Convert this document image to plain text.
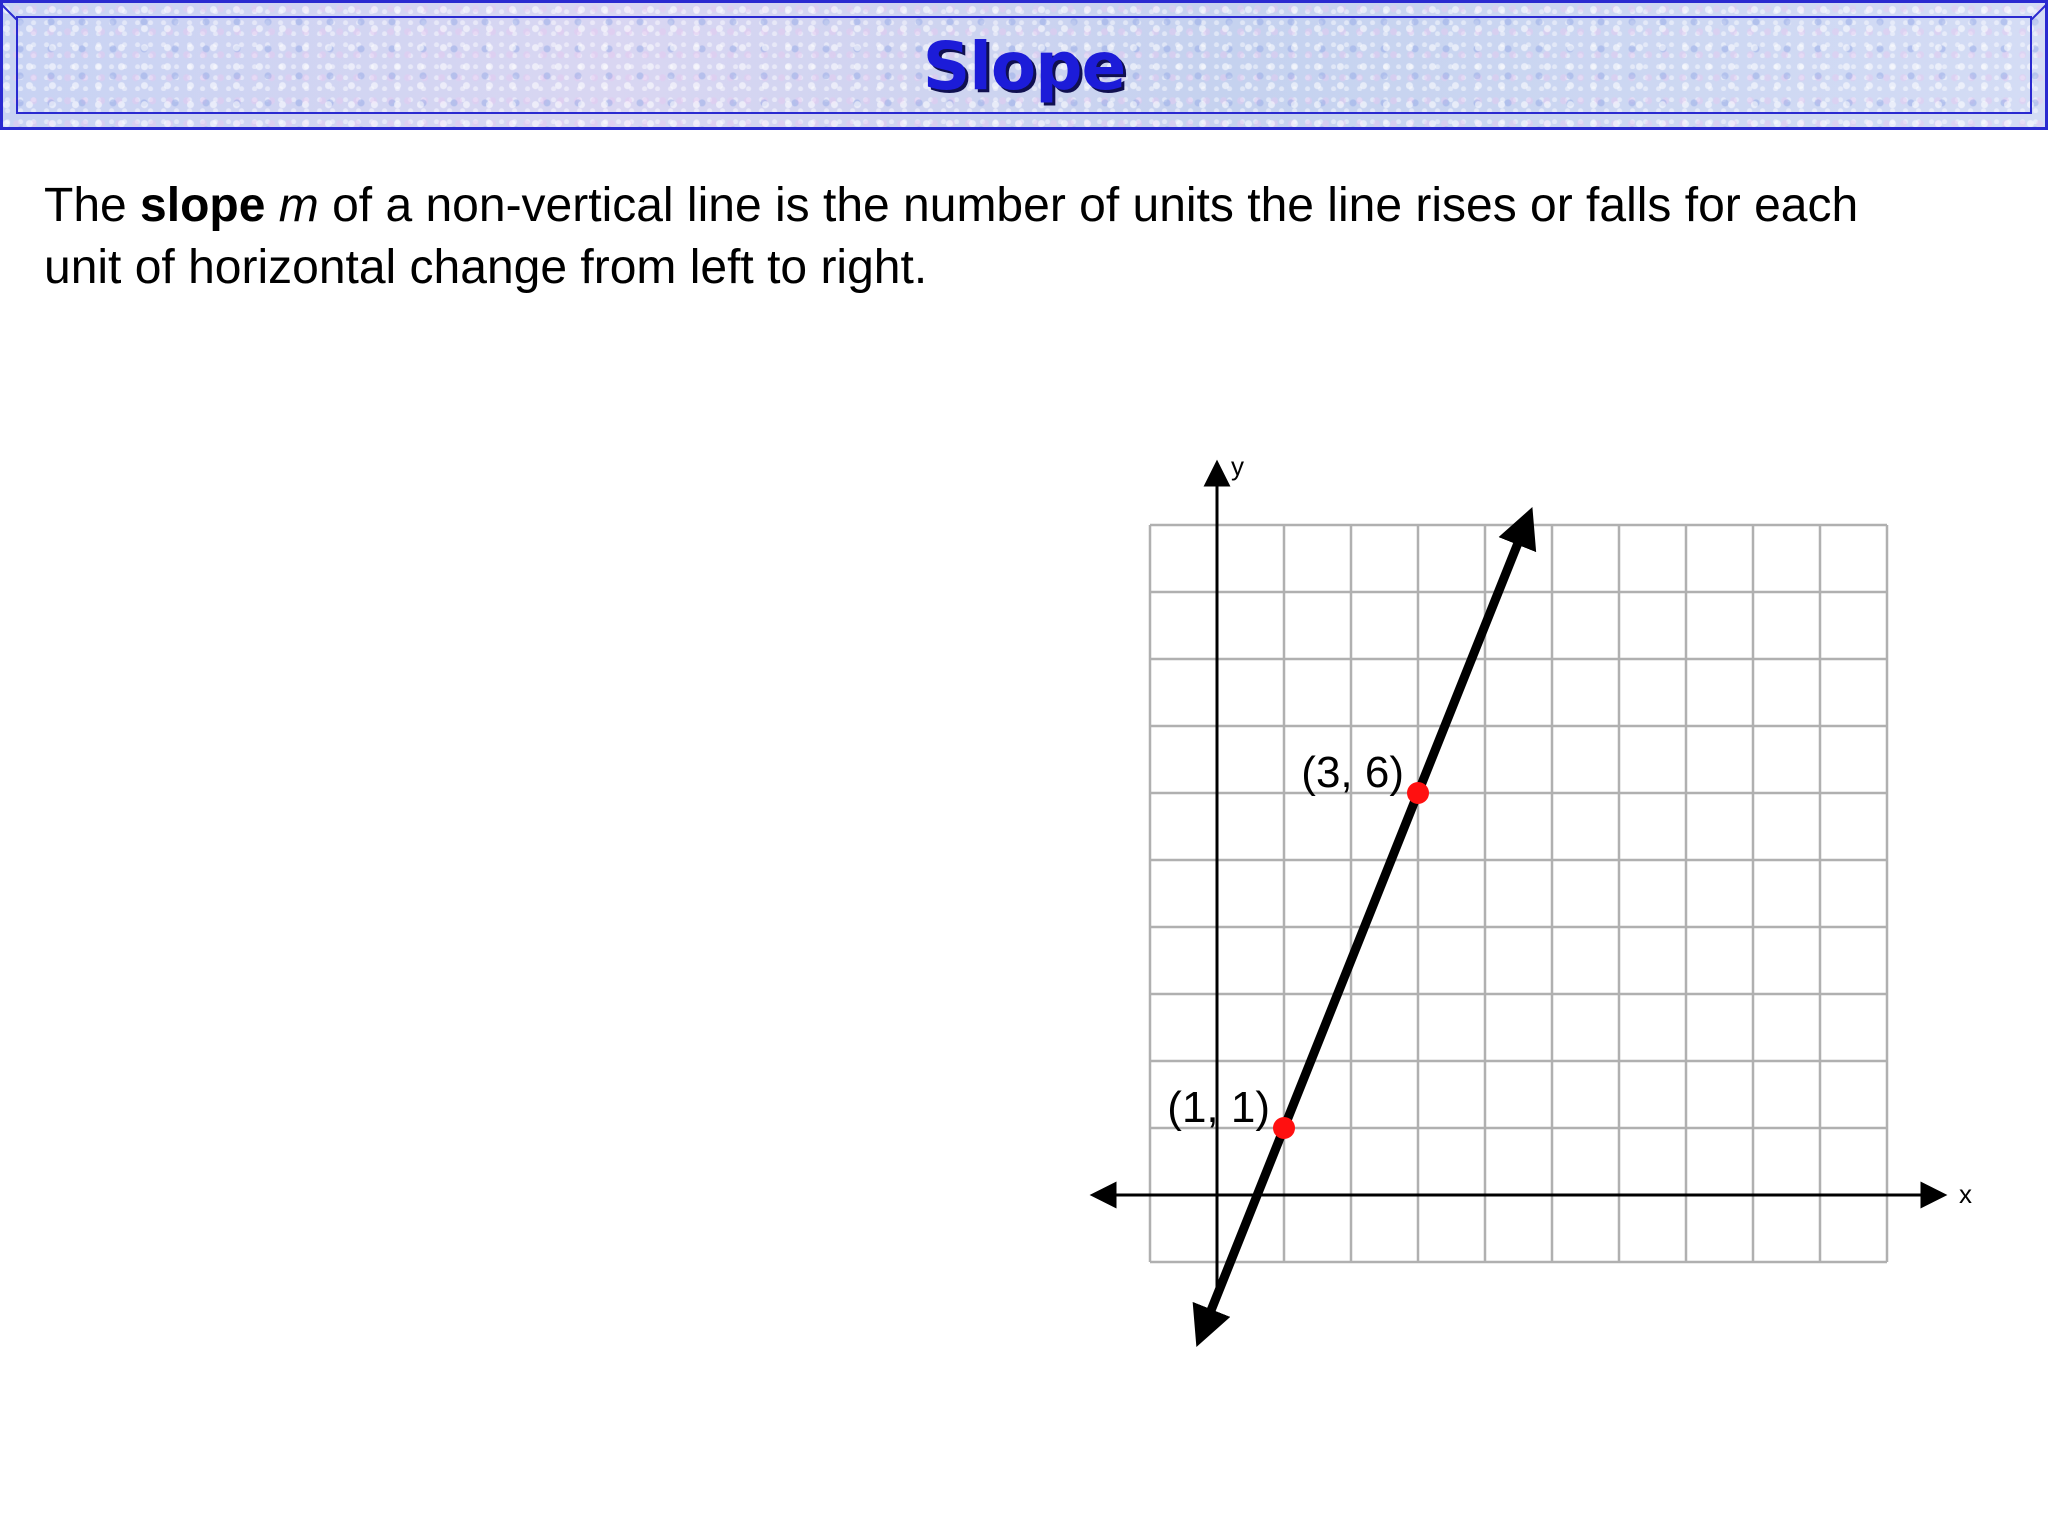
Slope
The slope m of a non-vertical line is the number of units the line rises or falls for each unit of horizontal change from left to right.
x
y
(1, 1)
(3, 6)
